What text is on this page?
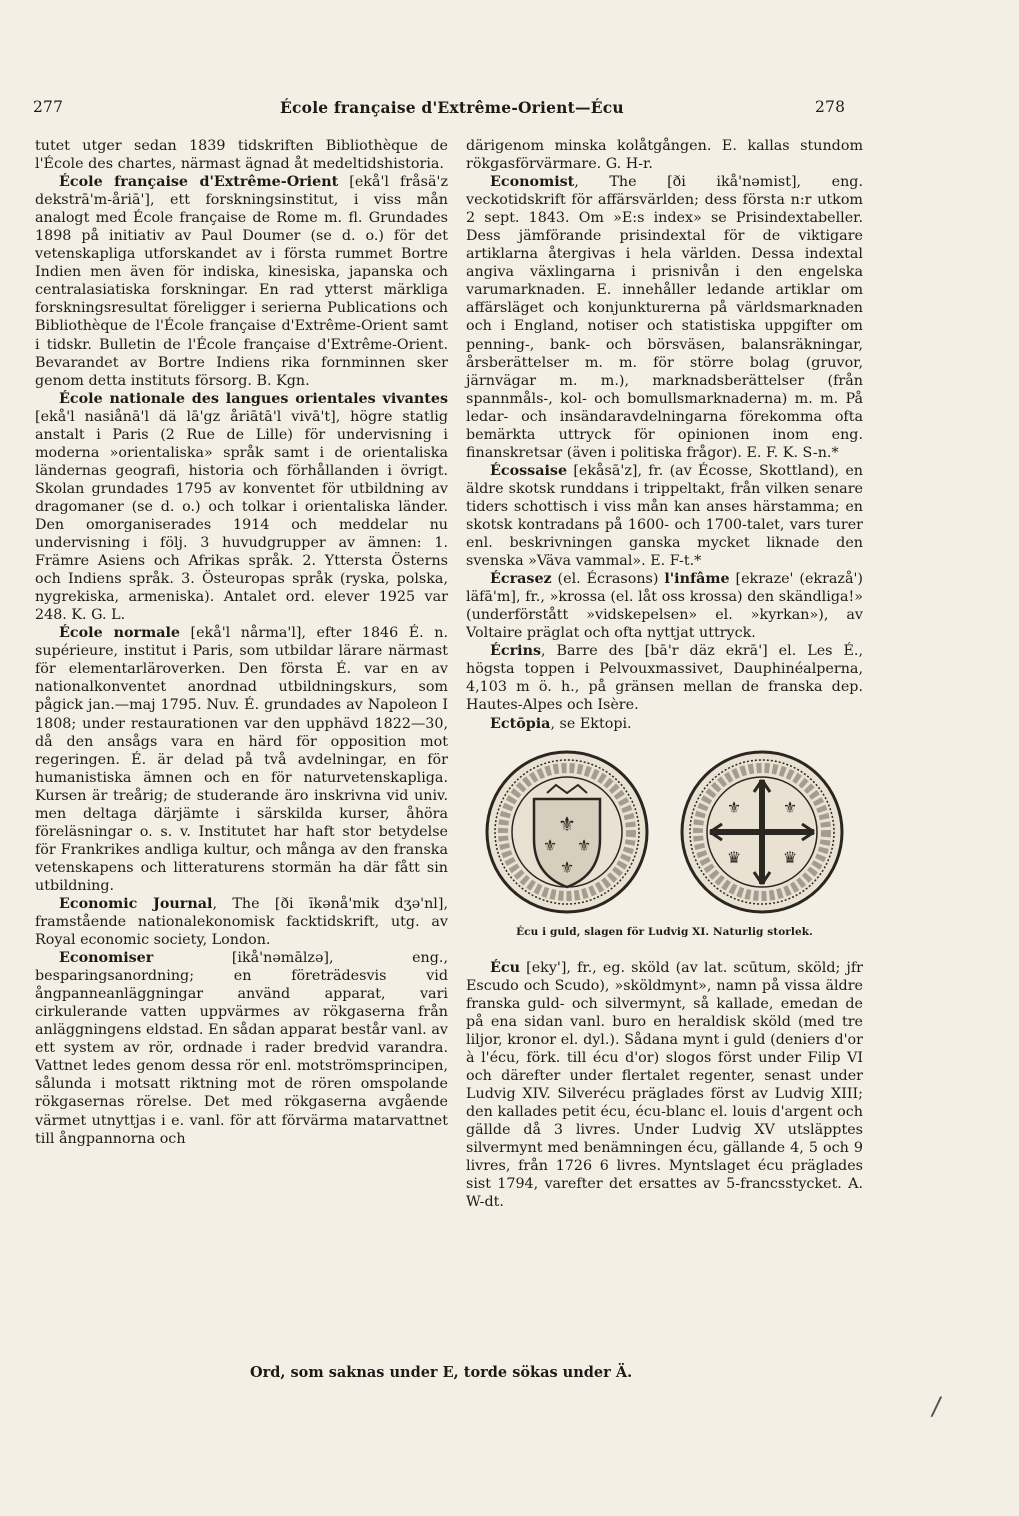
277	École française d'Extrême-Orient—Écu	278

tutet utger sedan 1839 tidskriften Bibliothèque de l'École des chartes, närmast ägnad åt medeltidshistoria.

École française d'Extrême-Orient [ekå'l fråsä'z dekstrā'm-åriā'], ett forskningsinstitut, i viss mån analogt med École française de Rome m. fl. Grundades 1898 på initiativ av Paul Doumer (se d. o.) för det vetenskapliga utforskandet av i första rummet Bortre Indien men även för indiska, kinesiska, japanska och centralasiatiska forskningar. En rad ytterst märkliga forskningsresultat föreligger i serierna Publications och Bibliothèque de l'École française d'Extrême-Orient samt i tidskr. Bulletin de l'École française d'Extrême-Orient. Bevarandet av Bortre Indiens rika fornminnen sker genom detta instituts försorg. B. Kgn.

École nationale des langues orientales vivantes [ekå'l nasiånā'l dä lā'gz åriātā'l vivā't], högre statlig anstalt i Paris (2 Rue de Lille) för undervisning i moderna »orientaliska» språk samt i de orientaliska ländernas geografi, historia och förhållanden i övrigt. Skolan grundades 1795 av konventet för utbildning av dragomaner (se d. o.) och tolkar i orientaliska länder. Den omorganiserades 1914 och meddelar nu undervisning i följ. 3 huvudgrupper av ämnen: 1. Främre Asiens och Afrikas språk. 2. Yttersta Österns och Indiens språk. 3. Östeuropas språk (ryska, polska, nygrekiska, armeniska). Antalet ord. elever 1925 var 248. K. G. L.

École normale [ekå'l nårma'l], efter 1846 É. n. supérieure, institut i Paris, som utbildar lärare närmast för elementarläroverken. Den första É. var en av nationalkonventet anordnad utbildningskurs, som pågick jan.—maj 1795. Nuv. É. grundades av Napoleon I 1808; under restaurationen var den upphävd 1822—30, då den ansågs vara en härd för opposition mot regeringen. É. är delad på två avdelningar, en för humanistiska ämnen och en för naturvetenskapliga. Kursen är treårig; de studerande äro inskrivna vid univ. men deltaga därjämte i särskilda kurser, åhöra föreläsningar o. s. v. Institutet har haft stor betydelse för Frankrikes andliga kultur, och många av den franska vetenskapens och litteraturens stormän ha där fått sin utbildning.

Economic Journal, The [ði īkənå'mik dʒə'nl], framstående nationalekonomisk facktidskrift, utg. av Royal economic society, London.

Economiser [ikå'nəmālzə], eng., besparingsanordning; en företrädesvis vid ångpanneanläggningar använd apparat, vari cirkulerande vatten uppvärmes av rökgaserna från anläggningens eldstad. En sådan apparat består vanl. av ett system av rör, ordnade i rader bredvid varandra. Vattnet ledes genom dessa rör enl. motströmsprincipen, sålunda i motsatt riktning mot de rören omspolande rökgasernas rörelse. Det med rökgaserna avgående värmet utnyttjas i e. vanl. för att förvärma matarvattnet till ångpannorna och

därigenom minska kolåtgången. E. kallas stundom rökgasförvärmare. G. H-r.

Economist, The [ði ikå'nəmist], eng. veckotidskrift för affärsvärlden; dess första n:r utkom 2 sept. 1843. Om »E:s index» se Prisindextabeller. Dess jämförande prisindextal för de viktigare artiklarna återgivas i hela världen. Dessa indextal angiva växlingarna i prisnivån i den engelska varumarknaden. E. innehåller ledande artiklar om affärsläget och konjunkturerna på världsmarknaden och i England, notiser och statistiska uppgifter om penning-, bank- och börsväsen, balansräkningar, årsberättelser m. m. för större bolag (gruvor, järnvägar m. m.), marknadsberättelser (från spannmåls-, kol- och bomullsmarknaderna) m. m. På ledar- och insändaravdelningarna förekomma ofta bemärkta uttryck för opinionen inom eng. finanskretsar (även i politiska frågor). E. F. K. S-n.*

Écossaise [ekåsā'z], fr. (av Écosse, Skottland), en äldre skotsk runddans i trippeltakt, från vilken senare tiders schottisch i viss mån kan anses härstamma; en skotsk kontradans på 1600- och 1700-talet, vars turer enl. beskrivningen ganska mycket liknade den svenska »Väva vammal». E. F-t.*

Écrasez (el. Écrasons) l'infâme [ekraze' (ekrazå') läfā'm], fr., »krossa (el. låt oss krossa) den skändliga!» (underförstått »vidskepelsen» el. »kyrkan»), av Voltaire präglat och ofta nyttjat uttryck.

Écrins, Barre des [bā'r däz ekrā'] el. Les É., högsta toppen i Pelvouxmassivet, Dauphinéalperna, 4,103 m ö. h., på gränsen mellan de franska dep. Hautes-Alpes och Isère.

Ectōpia, se Ektopi.

⚜
⚜ ⚜
⚜
⚜	⚜
♛	♛
Écu i guld, slagen för Ludvig XI. Naturlig storlek.

Écu [eky'], fr., eg. sköld (av lat. scūtum, sköld; jfr Escudo och Scudo), »sköldmynt», namn på vissa äldre franska guld- och silvermynt, så kallade, emedan de på ena sidan vanl. buro en heraldisk sköld (med tre liljor, kronor el. dyl.). Sådana mynt i guld (deniers d'or à l'écu, förk. till écu d'or) slogos först under Filip VI och därefter under flertalet regenter, senast under Ludvig XIV. Silverécu präglades först av Ludvig XIII; den kallades petit écu, écu-blanc el. louis d'argent och gällde då 3 livres. Under Ludvig XV utsläpptes silvermynt med benämningen écu, gällande 4, 5 och 9 livres, från 1726 6 livres. Myntslaget écu präglades sist 1794, varefter det ersattes av 5-francsstycket. A. W-dt.

Ord, som saknas under E, torde sökas under Ä.
/
